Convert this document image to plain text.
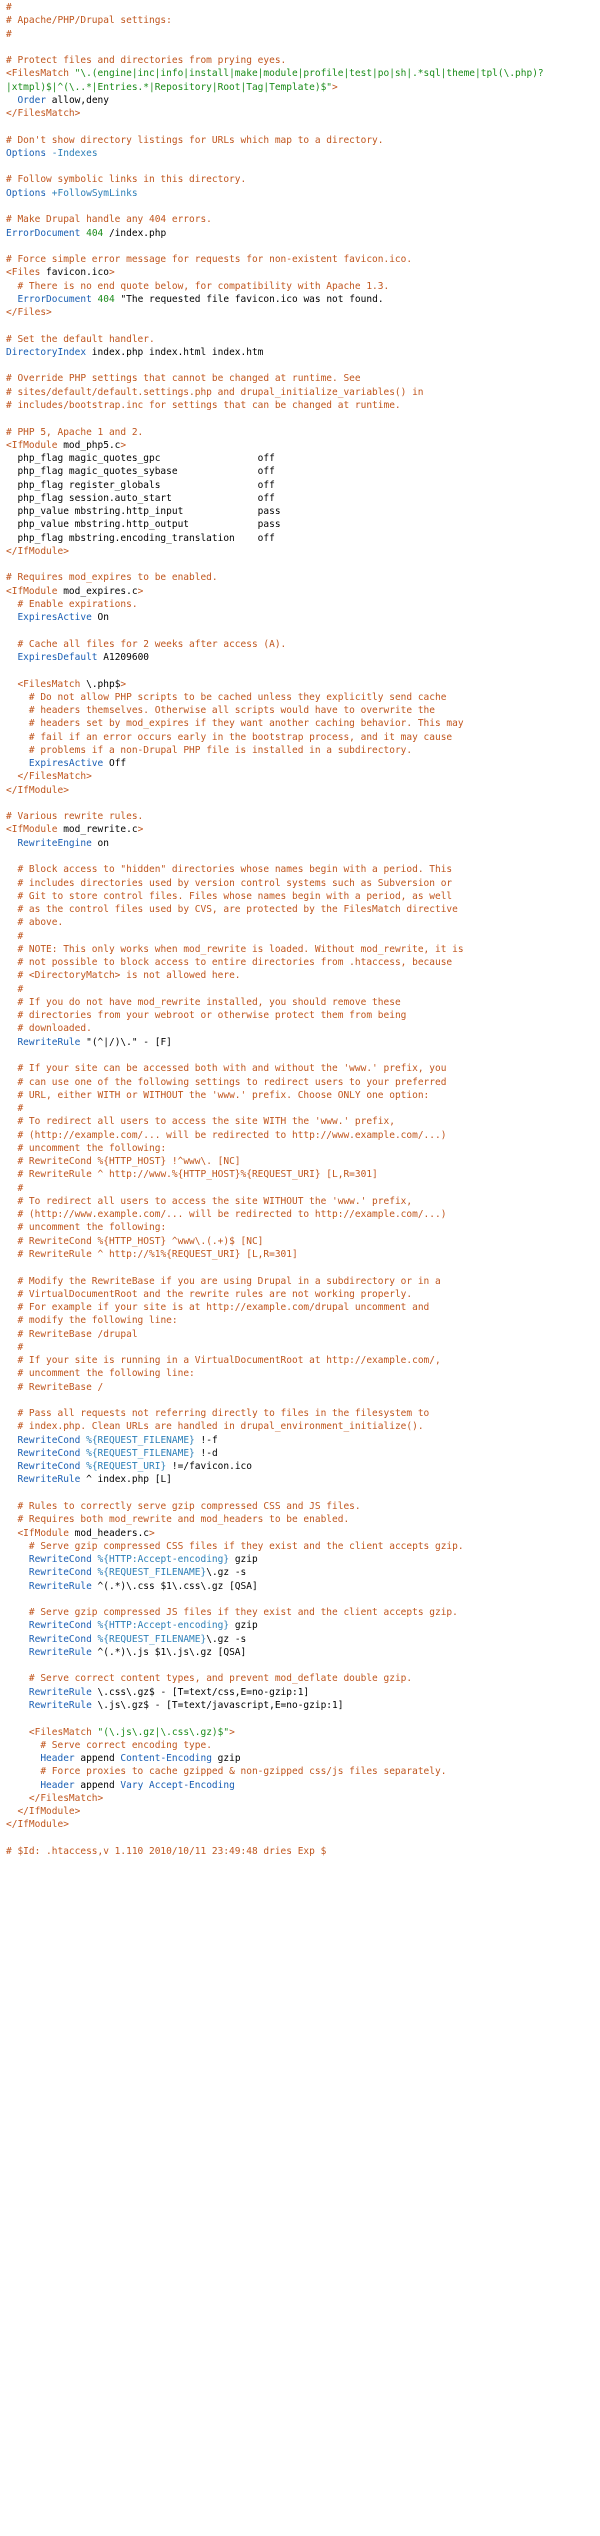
#
# Apache/PHP/Drupal settings:
#

# Protect files and directories from prying eyes.
<FilesMatch "\.(engine|inc|info|install|make|module|profile|test|po|sh|.*sql|theme|tpl(\.php)?
|xtmpl)$|^(\..*|Entries.*|Repository|Root|Tag|Template)$">
Order allow,deny
</FilesMatch>

# Don't show directory listings for URLs which map to a directory.
Options -Indexes

# Follow symbolic links in this directory.
Options +FollowSymLinks

# Make Drupal handle any 404 errors.
ErrorDocument 404 /index.php

# Force simple error message for requests for non-existent favicon.ico.
<Files favicon.ico>
# There is no end quote below, for compatibility with Apache 1.3.
ErrorDocument 404 "The requested file favicon.ico was not found.
</Files>

# Set the default handler.
DirectoryIndex index.php index.html index.htm

# Override PHP settings that cannot be changed at runtime. See
# sites/default/default.settings.php and drupal_initialize_variables() in
# includes/bootstrap.inc for settings that can be changed at runtime.

# PHP 5, Apache 1 and 2.
<IfModule mod_php5.c>
php_flag magic_quotes_gpc                 off
php_flag magic_quotes_sybase              off
php_flag register_globals                 off
php_flag session.auto_start               off
php_value mbstring.http_input             pass
php_value mbstring.http_output            pass
php_flag mbstring.encoding_translation    off
</IfModule>

# Requires mod_expires to be enabled.
<IfModule mod_expires.c>
# Enable expirations.
ExpiresActive On

# Cache all files for 2 weeks after access (A).
ExpiresDefault A1209600

<FilesMatch \.php$>
# Do not allow PHP scripts to be cached unless they explicitly send cache
# headers themselves. Otherwise all scripts would have to overwrite the
# headers set by mod_expires if they want another caching behavior. This may
# fail if an error occurs early in the bootstrap process, and it may cause
# problems if a non-Drupal PHP file is installed in a subdirectory.
ExpiresActive Off
</FilesMatch>
</IfModule>

# Various rewrite rules.
<IfModule mod_rewrite.c>
RewriteEngine on

# Block access to "hidden" directories whose names begin with a period. This
# includes directories used by version control systems such as Subversion or
# Git to store control files. Files whose names begin with a period, as well
# as the control files used by CVS, are protected by the FilesMatch directive
# above.
#
# NOTE: This only works when mod_rewrite is loaded. Without mod_rewrite, it is
# not possible to block access to entire directories from .htaccess, because
# <DirectoryMatch> is not allowed here.
#
# If you do not have mod_rewrite installed, you should remove these
# directories from your webroot or otherwise protect them from being
# downloaded.
RewriteRule "(^|/)\." - [F]

# If your site can be accessed both with and without the 'www.' prefix, you
# can use one of the following settings to redirect users to your preferred
# URL, either WITH or WITHOUT the 'www.' prefix. Choose ONLY one option:
#
# To redirect all users to access the site WITH the 'www.' prefix,
# (http://example.com/... will be redirected to http://www.example.com/...)
# uncomment the following:
# RewriteCond %{HTTP_HOST} !^www\. [NC]
# RewriteRule ^ http://www.%{HTTP_HOST}%{REQUEST_URI} [L,R=301]
#
# To redirect all users to access the site WITHOUT the 'www.' prefix,
# (http://www.example.com/... will be redirected to http://example.com/...)
# uncomment the following:
# RewriteCond %{HTTP_HOST} ^www\.(.+)$ [NC]
# RewriteRule ^ http://%1%{REQUEST_URI} [L,R=301]

# Modify the RewriteBase if you are using Drupal in a subdirectory or in a
# VirtualDocumentRoot and the rewrite rules are not working properly.
# For example if your site is at http://example.com/drupal uncomment and
# modify the following line:
# RewriteBase /drupal
#
# If your site is running in a VirtualDocumentRoot at http://example.com/,
# uncomment the following line:
# RewriteBase /

# Pass all requests not referring directly to files in the filesystem to
# index.php. Clean URLs are handled in drupal_environment_initialize().
RewriteCond %{REQUEST_FILENAME} !-f
RewriteCond %{REQUEST_FILENAME} !-d
RewriteCond %{REQUEST_URI} !=/favicon.ico
RewriteRule ^ index.php [L]

# Rules to correctly serve gzip compressed CSS and JS files.
# Requires both mod_rewrite and mod_headers to be enabled.
<IfModule mod_headers.c>
# Serve gzip compressed CSS files if they exist and the client accepts gzip.
RewriteCond %{HTTP:Accept-encoding} gzip
RewriteCond %{REQUEST_FILENAME}\.gz -s
RewriteRule ^(.*)\.css $1\.css\.gz [QSA]

# Serve gzip compressed JS files if they exist and the client accepts gzip.
RewriteCond %{HTTP:Accept-encoding} gzip
RewriteCond %{REQUEST_FILENAME}\.gz -s
RewriteRule ^(.*)\.js $1\.js\.gz [QSA]

# Serve correct content types, and prevent mod_deflate double gzip.
RewriteRule \.css\.gz$ - [T=text/css,E=no-gzip:1]
RewriteRule \.js\.gz$ - [T=text/javascript,E=no-gzip:1]

<FilesMatch "(\.js\.gz|\.css\.gz)$">
# Serve correct encoding type.
Header append Content-Encoding gzip
# Force proxies to cache gzipped & non-gzipped css/js files separately.
Header append Vary Accept-Encoding
</FilesMatch>
</IfModule>
</IfModule>

# $Id: .htaccess,v 1.110 2010/10/11 23:49:48 dries Exp $
